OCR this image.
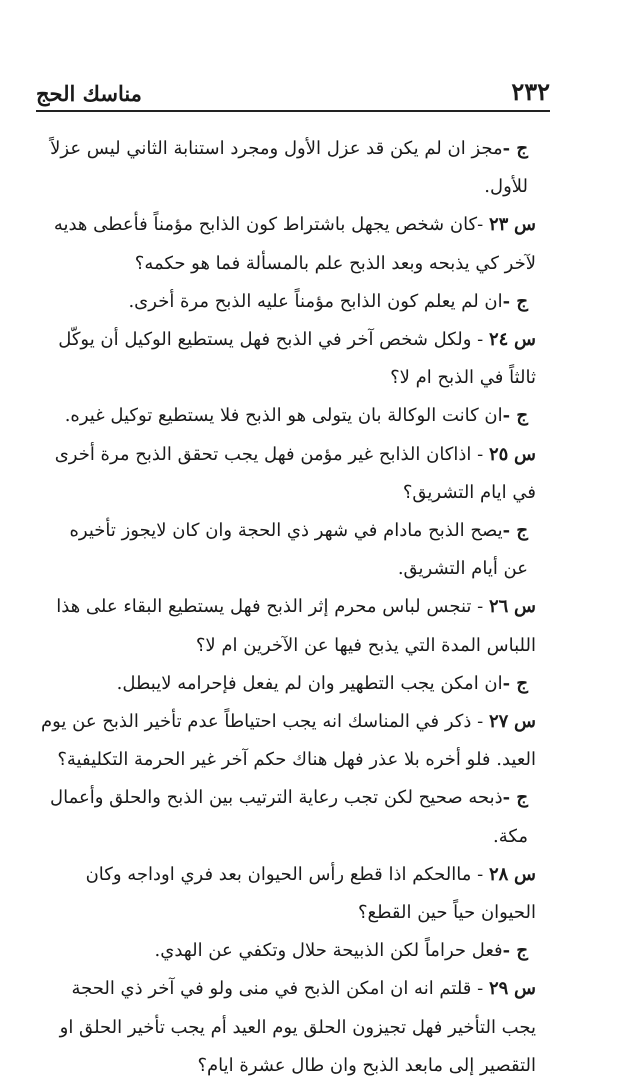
٢٣٢
مناسك الحج

ج -مجز ان لم يكن قد عزل الأول ومجرد استنابة الثاني ليس عزلاً للأول.

س ٢٣ -كان شخص يجهل باشتراط كون الذابح مؤمناً فأعطى هديه لآخر كي يذبحه وبعد الذبح علم بالمسألة فما هو حكمه؟

ج -ان لم يعلم كون الذابح مؤمناً عليه الذبح مرة أخرى.

س ٢٤ - ولكل شخص آخر في الذبح فهل يستطيع الوكيل أن يوكّل ثالثاً في الذبح ام لا؟

ج -ان كانت الوكالة بان يتولى هو الذبح فلا يستطيع توكيل غيره.

س ٢٥ - اذاكان الذابح غير مؤمن فهل يجب تحقق الذبح مرة أخرى في ايام التشريق؟

ج -يصح الذبح مادام في شهر ذي الحجة وان كان لايجوز تأخيره عن أيام التشريق.

س ٢٦ - تنجس لباس محرم إثر الذبح فهل يستطيع البقاء على هذا اللباس المدة التي يذبح فيها عن الآخرين ام لا؟

ج -ان امكن يجب التطهير وان لم يفعل فإحرامه لايبطل.

س ٢٧ - ذكر في المناسك انه يجب احتياطاً عدم تأخير الذبح عن يوم العيد. فلو أخره بلا عذر فهل هناك حكم آخر غير الحرمة التكليفية؟

ج -ذبحه صحيح لكن تجب رعاية الترتيب بين الذبح والحلق وأعمال مكة.

س ٢٨ - ماالحكم اذا قطع رأس الحيوان بعد فري اوداجه وكان الحيوان حياً حين القطع؟

ج -فعل حراماً لكن الذبيحة حلال وتكفي عن الهدي.

س ٢٩ - قلتم انه ان امكن الذبح في منى ولو في آخر ذي الحجة يجب التأخير فهل تجيزون الحلق يوم العيد أم يجب تأخير الحلق او التقصير إلى مابعد الذبح وان طال عشرة ايام؟
